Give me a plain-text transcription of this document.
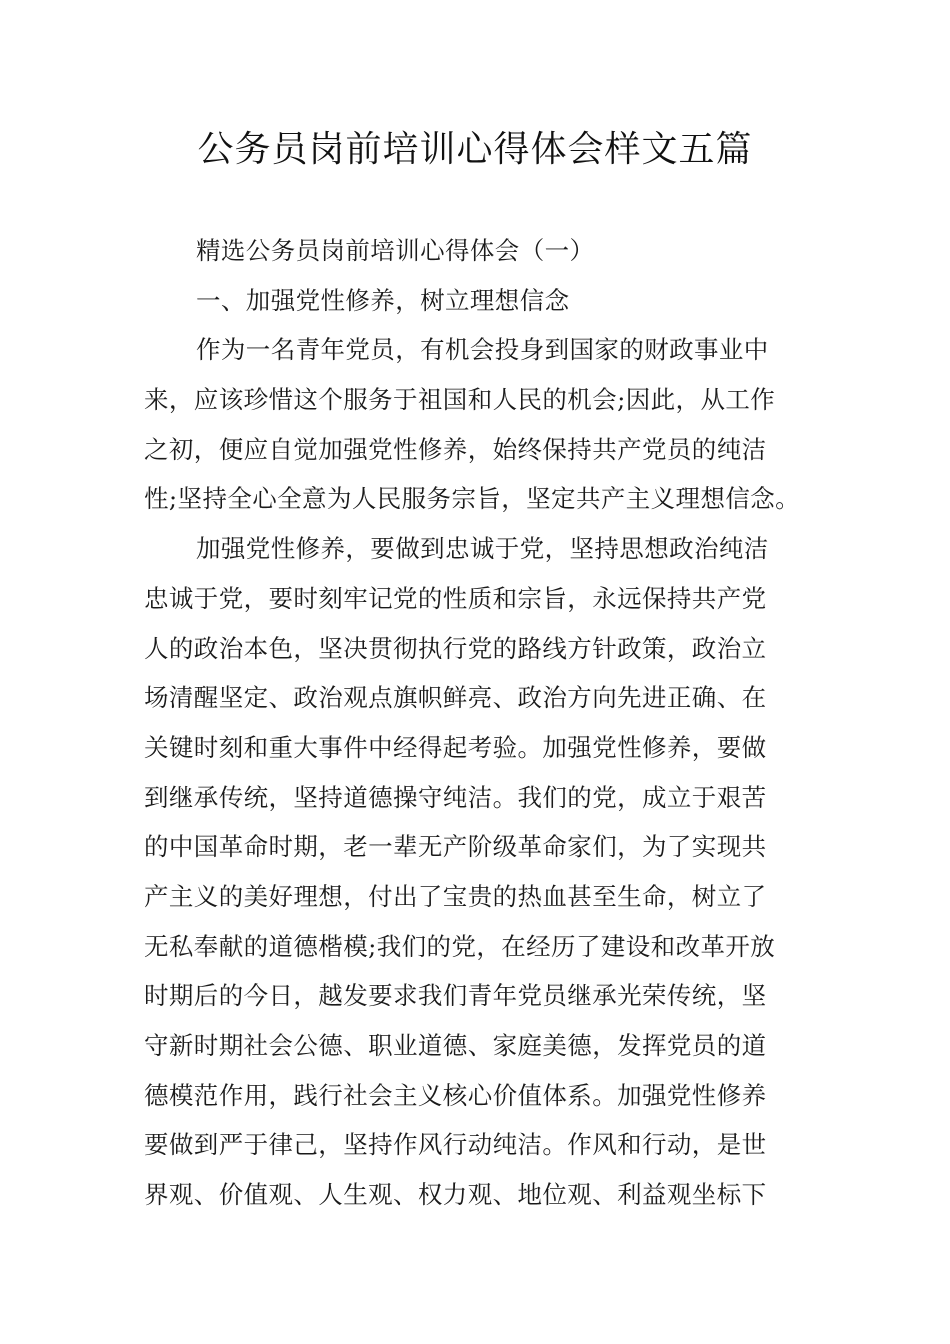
公务员岗前培训心得体会样文五篇
精选公务员岗前培训心得体会（一）
一、加强党性修养，树立理想信念
作为一名青年党员，有机会投身到国家的财政事业中
来，应该珍惜这个服务于祖国和人民的机会;因此，从工作
之初，便应自觉加强党性修养，始终保持共产党员的纯洁
性;坚持全心全意为人民服务宗旨，坚定共产主义理想信念。
加强党性修养，要做到忠诚于党，坚持思想政治纯洁
忠诚于党，要时刻牢记党的性质和宗旨，永远保持共产党
人的政治本色，坚决贯彻执行党的路线方针政策，政治立
场清醒坚定、政治观点旗帜鲜亮、政治方向先进正确、在
关键时刻和重大事件中经得起考验。加强党性修养，要做
到继承传统，坚持道德操守纯洁。我们的党，成立于艰苦
的中国革命时期，老一辈无产阶级革命家们，为了实现共
产主义的美好理想，付出了宝贵的热血甚至生命，树立了
无私奉献的道德楷模;我们的党，在经历了建设和改革开放
时期后的今日，越发要求我们青年党员继承光荣传统，坚
守新时期社会公德、职业道德、家庭美德，发挥党员的道
德模范作用，践行社会主义核心价值体系。加强党性修养
要做到严于律己，坚持作风行动纯洁。作风和行动，是世
界观、价值观、人生观、权力观、地位观、利益观坐标下
